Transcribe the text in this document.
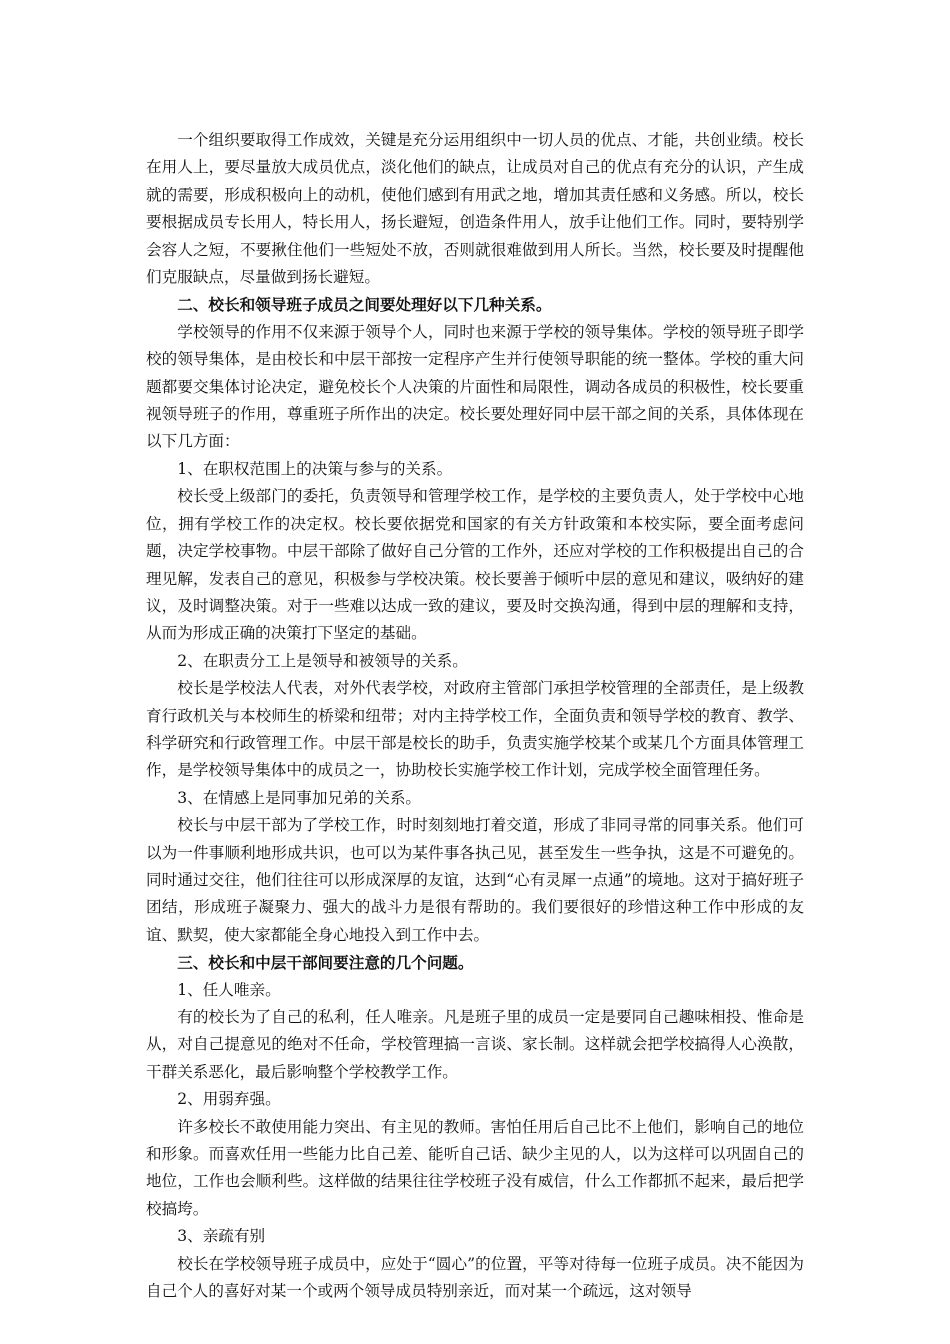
一个组织要取得工作成效，关键是充分运用组织中一切人员的优点、才能，共创业绩。校长在用人上，要尽量放大成员优点，淡化他们的缺点，让成员对自己的优点有充分的认识，产生成就的需要，形成积极向上的动机，使他们感到有用武之地，增加其责任感和义务感。所以，校长要根据成员专长用人，特长用人，扬长避短，创造条件用人，放手让他们工作。同时，要特别学会容人之短，不要揪住他们一些短处不放，否则就很难做到用人所长。当然，校长要及时提醒他们克服缺点，尽量做到扬长避短。

二、校长和领导班子成员之间要处理好以下几种关系。

学校领导的作用不仅来源于领导个人，同时也来源于学校的领导集体。学校的领导班子即学校的领导集体，是由校长和中层干部按一定程序产生并行使领导职能的统一整体。学校的重大问题都要交集体讨论决定，避免校长个人决策的片面性和局限性，调动各成员的积极性，校长要重视领导班子的作用，尊重班子所作出的决定。校长要处理好同中层干部之间的关系，具体体现在以下几方面：

1、在职权范围上的决策与参与的关系。

校长受上级部门的委托，负责领导和管理学校工作，是学校的主要负责人，处于学校中心地位，拥有学校工作的决定权。校长要依据党和国家的有关方针政策和本校实际，要全面考虑问题，决定学校事物。中层干部除了做好自己分管的工作外，还应对学校的工作积极提出自己的合理见解，发表自己的意见，积极参与学校决策。校长要善于倾听中层的意见和建议，吸纳好的建议，及时调整决策。对于一些难以达成一致的建议，要及时交换沟通，得到中层的理解和支持，从而为形成正确的决策打下坚定的基础。

2、在职责分工上是领导和被领导的关系。

校长是学校法人代表，对外代表学校，对政府主管部门承担学校管理的全部责任，是上级教育行政机关与本校师生的桥梁和纽带；对内主持学校工作，全面负责和领导学校的教育、教学、科学研究和行政管理工作。中层干部是校长的助手，负责实施学校某个或某几个方面具体管理工作，是学校领导集体中的成员之一，协助校长实施学校工作计划，完成学校全面管理任务。

3、在情感上是同事加兄弟的关系。

校长与中层干部为了学校工作，时时刻刻地打着交道，形成了非同寻常的同事关系。他们可以为一件事顺利地形成共识，也可以为某件事各执己见，甚至发生一些争执，这是不可避免的。同时通过交往，他们往往可以形成深厚的友谊，达到“心有灵犀一点通”的境地。这对于搞好班子团结，形成班子凝聚力、强大的战斗力是很有帮助的。我们要很好的珍惜这种工作中形成的友谊、默契，使大家都能全身心地投入到工作中去。

三、校长和中层干部间要注意的几个问题。

1、任人唯亲。

有的校长为了自己的私利，任人唯亲。凡是班子里的成员一定是要同自己趣味相投、惟命是从，对自己提意见的绝对不任命，学校管理搞一言谈、家长制。这样就会把学校搞得人心涣散，干群关系恶化，最后影响整个学校教学工作。

2、用弱弃强。

许多校长不敢使用能力突出、有主见的教师。害怕任用后自己比不上他们，影响自己的地位和形象。而喜欢任用一些能力比自己差、能听自己话、缺少主见的人，以为这样可以巩固自己的地位，工作也会顺利些。这样做的结果往往学校班子没有威信，什么工作都抓不起来，最后把学校搞垮。

3、亲疏有别

校长在学校领导班子成员中，应处于“圆心”的位置，平等对待每一位班子成员。决不能因为自己个人的喜好对某一个或两个领导成员特别亲近，而对某一个疏远，这对领导
